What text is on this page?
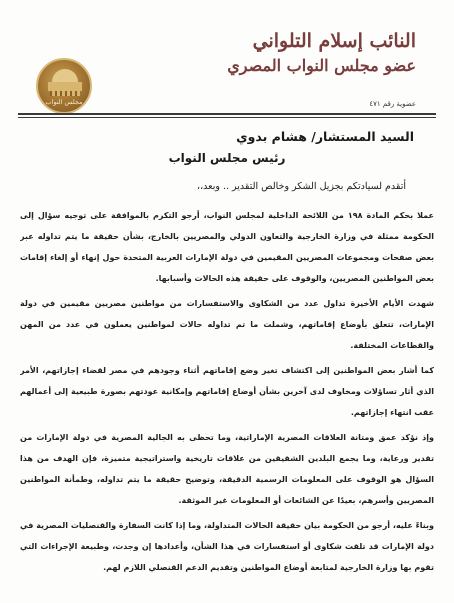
مجلس النواب
النائب إسلام التلواني
عضو مجلس النواب المصري
عضوية رقم ٤٧١
السيد المستشار/ هشام بدوي
رئيس مجلس النواب
أتقدم لسيادتكم بجزيل الشكر وخالص التقدير .. وبعد،،

عملا بحكم المادة ١٩٨ من اللائحة الداخلية لمجلس النواب، أرجو التكرم بالموافقة على توجيه سؤال إلى الحكومة ممثلة في وزارة الخارجية والتعاون الدولي والمصريين بالخارج، بشأن حقيقة ما يتم تداوله عبر بعض صفحات ومجموعات المصريين المقيمين في دولة الإمارات العربية المتحدة حول إنهاء أو إلغاء إقامات بعض المواطنين المصريين، والوقوف على حقيقة هذه الحالات وأسبابها.

شهدت الأيام الأخيرة تداول عدد من الشكاوى والاستفسارات من مواطنين مصريين مقيمين في دولة الإمارات، تتعلق بأوضاع إقاماتهم، وشملت ما تم تداوله حالات لمواطنين يعملون في عدد من المهن والقطاعات المختلفة.

كما أشار بعض المواطنين إلى اكتشاف تغير وضع إقاماتهم أثناء وجودهم في مصر لقضاء إجازاتهم، الأمر الذي أثار تساؤلات ومخاوف لدى آخرين بشأن أوضاع إقاماتهم وإمكانية عودتهم بصورة طبيعية إلى أعمالهم عقب انتهاء إجازاتهم.

وإذ نؤكد عمق ومتانة العلاقات المصرية الإماراتية، وما تحظى به الجالية المصرية في دولة الإمارات من تقدير ورعاية، وما يجمع البلدين الشقيقين من علاقات تاريخية واستراتيجية متميزة، فإن الهدف من هذا السؤال هو الوقوف على المعلومات الرسمية الدقيقة، وتوضيح حقيقة ما يتم تداوله، وطمأنة المواطنين المصريين وأسرهم، بعيدًا عن الشائعات أو المعلومات غير الموثقة.

وبناءً عليه، أرجو من الحكومة بيان حقيقة الحالات المتداولة، وما إذا كانت السفارة والقنصليات المصرية في دولة الإمارات قد تلقت شكاوى أو استفسارات في هذا الشأن، وأعدادها إن وجدت، وطبيعة الإجراءات التي تقوم بها وزارة الخارجية لمتابعة أوضاع المواطنين وتقديم الدعم القنصلي اللازم لهم.
